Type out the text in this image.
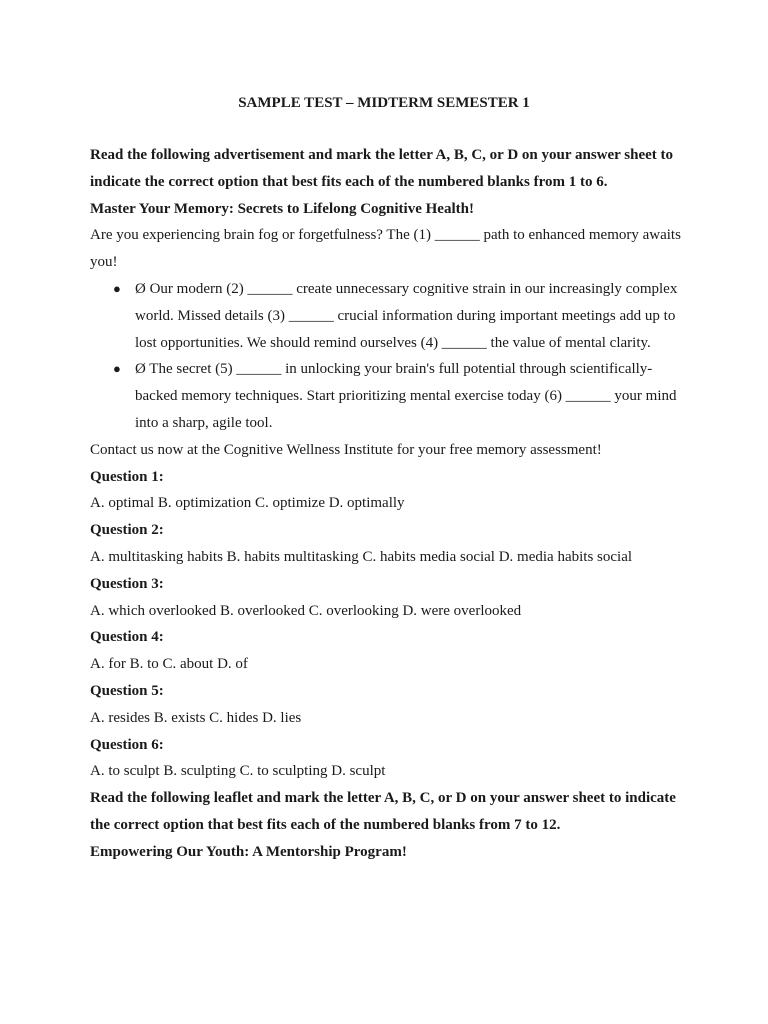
SAMPLE TEST – MIDTERM SEMESTER 1

Read the following advertisement and mark the letter A, B, C, or D on your answer sheet to indicate the correct option that best fits each of the numbered blanks from 1 to 6.

Master Your Memory: Secrets to Lifelong Cognitive Health!

Are you experiencing brain fog or forgetfulness? The (1) ______ path to enhanced memory awaits you!

● Ø Our modern (2) ______ create unnecessary cognitive strain in our increasingly complex world. Missed details (3) ______ crucial information during important meetings add up to lost opportunities. We should remind ourselves (4) ______ the value of mental clarity.
● Ø The secret (5) ______ in unlocking your brain's full potential through scientifically-backed memory techniques. Start prioritizing mental exercise today (6) ______ your mind into a sharp, agile tool.

Contact us now at the Cognitive Wellness Institute for your free memory assessment!

Question 1:

A. optimal B. optimization C. optimize D. optimally

Question 2:

A. multitasking habits B. habits multitasking C. habits media social D. media habits social

Question 3:

A. which overlooked B. overlooked C. overlooking D. were overlooked

Question 4:

A. for B. to C. about D. of

Question 5:

A. resides B. exists C. hides D. lies

Question 6:

A. to sculpt B. sculpting C. to sculpting D. sculpt

Read the following leaflet and mark the letter A, B, C, or D on your answer sheet to indicate the correct option that best fits each of the numbered blanks from 7 to 12.

Empowering Our Youth: A Mentorship Program!
